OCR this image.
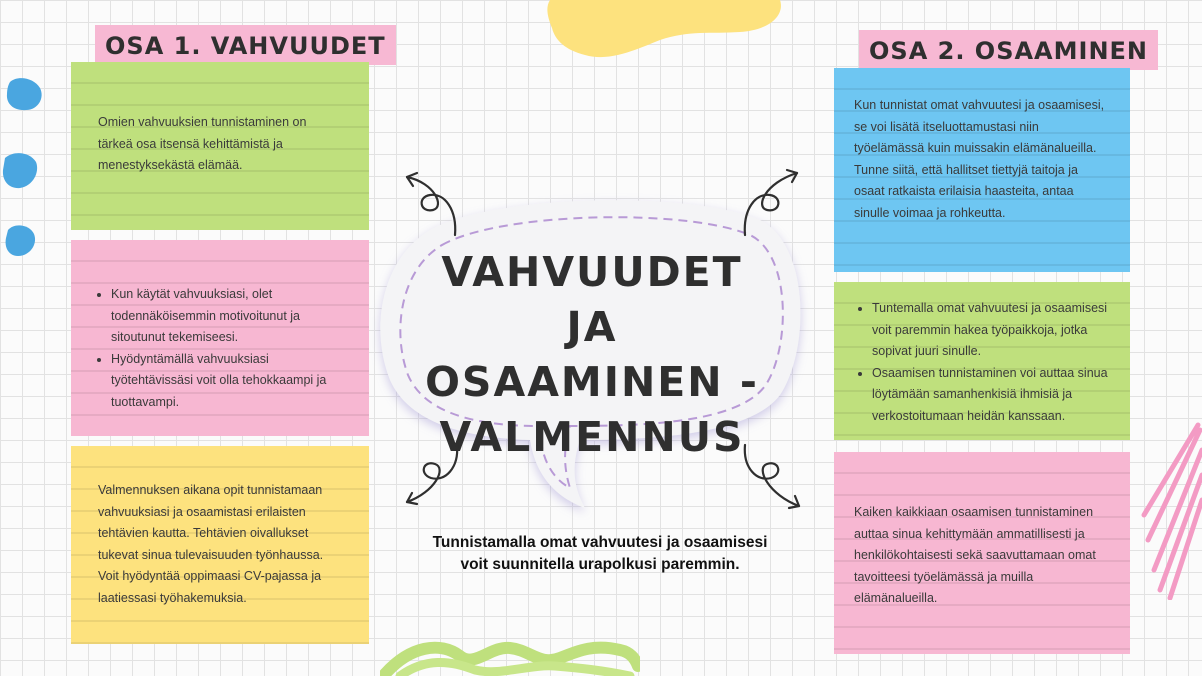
OSA 1. VAHVUUDET

Omien vahvuuksien tunnistaminen on tärkeä osa itsensä kehittämistä ja menestyksekästä elämää.

• Kun käytät vahvuuksiasi, olet todennäköisemmin motivoitunut ja sitoutunut tekemiseesi.
• Hyödyntämällä vahvuuksiasi työtehtävissäsi voit olla tehokkaampi ja tuottavampi.

Valmennuksen aikana opit tunnistamaan vahvuuksiasi ja osaamistasi erilaisten tehtävien kautta. Tehtävien oivallukset tukevat sinua tulevaisuuden työnhaussa. Voit hyödyntää oppimaasi CV-pajassa ja laatiessasi työhakemuksia.

OSA 2. OSAAMINEN

Kun tunnistat omat vahvuutesi ja osaamisesi, se voi lisätä itseluottamustasi niin työelämässä kuin muissakin elämänalueilla. Tunne siitä, että hallitset tiettyjä taitoja ja osaat ratkaista erilaisia haasteita, antaa sinulle voimaa ja rohkeutta.

• Tuntemalla omat vahvuutesi ja osaamisesi voit paremmin hakea työpaikkoja, jotka sopivat juuri sinulle.
• Osaamisen tunnistaminen voi auttaa sinua löytämään samanhenkisiä ihmisiä ja verkostoitumaan heidän kanssaan.

Kaiken kaikkiaan osaamisen tunnistaminen auttaa sinua kehittymään ammatillisesti ja henkilökohtaisesti sekä saavuttamaan omat tavoitteesi työelämässä ja muilla elämänalueilla.

VAHVUUDET JA
OSAAMINEN -
VALMENNUS
Tunnistamalla omat vahvuutesi ja osaamisesi
voit suunnitella urapolkusi paremmin.
